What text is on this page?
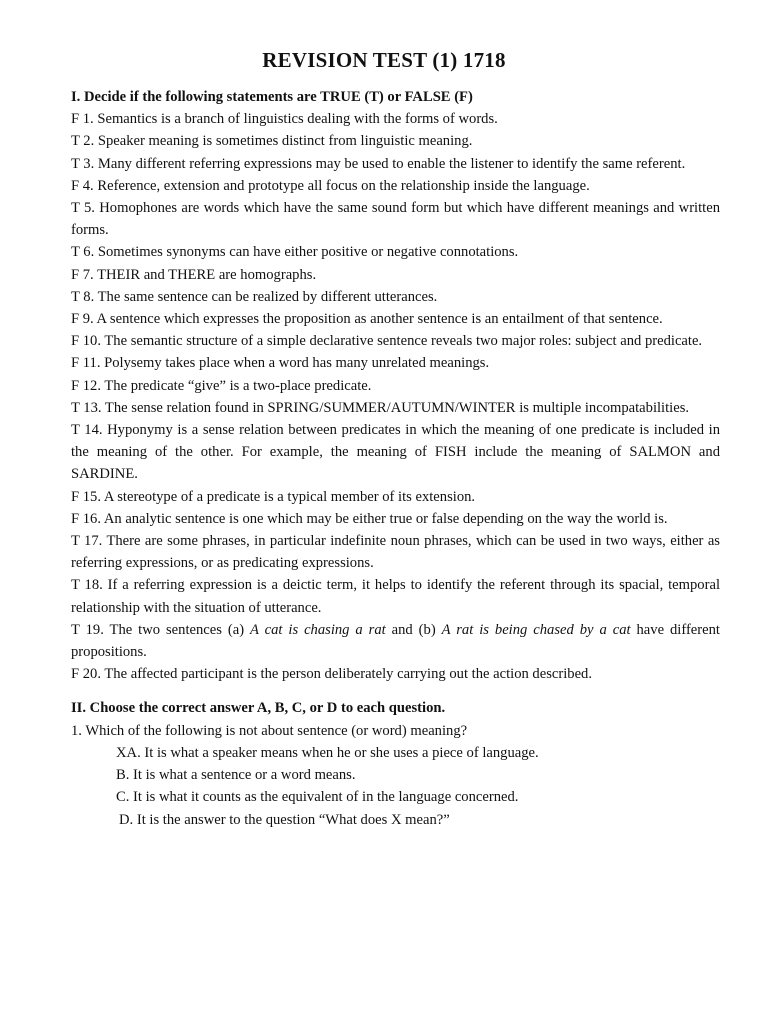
REVISION TEST (1) 1718

I. Decide if the following statements are TRUE (T) or FALSE (F)

F 1. Semantics is a branch of linguistics dealing with the forms of words.

T 2. Speaker meaning is sometimes distinct from linguistic meaning.

T 3. Many different referring expressions may be used to enable the listener to identify the same referent.

F 4. Reference, extension and prototype all focus on the relationship inside the language.

T 5. Homophones are words which have the same sound form but which have different meanings and written forms.

T 6. Sometimes synonyms can have either positive or negative connotations.

F 7. THEIR and THERE are homographs.

T 8. The same sentence can be realized by different utterances.

F 9. A sentence which expresses the proposition as another sentence is an entailment of that sentence.

F 10. The semantic structure of a simple declarative sentence reveals two major roles: subject and predicate.

F 11. Polysemy takes place when a word has many unrelated meanings.

F 12. The predicate “give” is a two-place predicate.

T 13. The sense relation found in SPRING/SUMMER/AUTUMN/WINTER is multiple incompatabilities.

T 14. Hyponymy is a sense relation between predicates in which the meaning of one predicate is included in the meaning of the other. For example, the meaning of FISH include the meaning of SALMON and SARDINE.

F 15. A stereotype of a predicate is a typical member of its extension.

F 16. An analytic sentence is one which may be either true or false depending on the way the world is.

T 17. There are some phrases, in particular indefinite noun phrases, which can be used in two ways, either as referring expressions, or as predicating expressions.

T 18. If a referring expression is a deictic term, it helps to identify the referent through its spacial, temporal relationship with the situation of utterance.

T 19. The two sentences (a) A cat is chasing a rat and (b) A rat is being chased by a cat have different propositions.

F 20. The affected participant is the person deliberately carrying out the action described.

II. Choose the correct answer A, B, C, or D to each question.

1. Which of the following is not about sentence (or word) meaning?

XA. It is what a speaker means when he or she uses a piece of language.

B. It is what a sentence or a word means.

C. It is what it counts as the equivalent of in the language concerned.

D. It is the answer to the question “What does X mean?”
